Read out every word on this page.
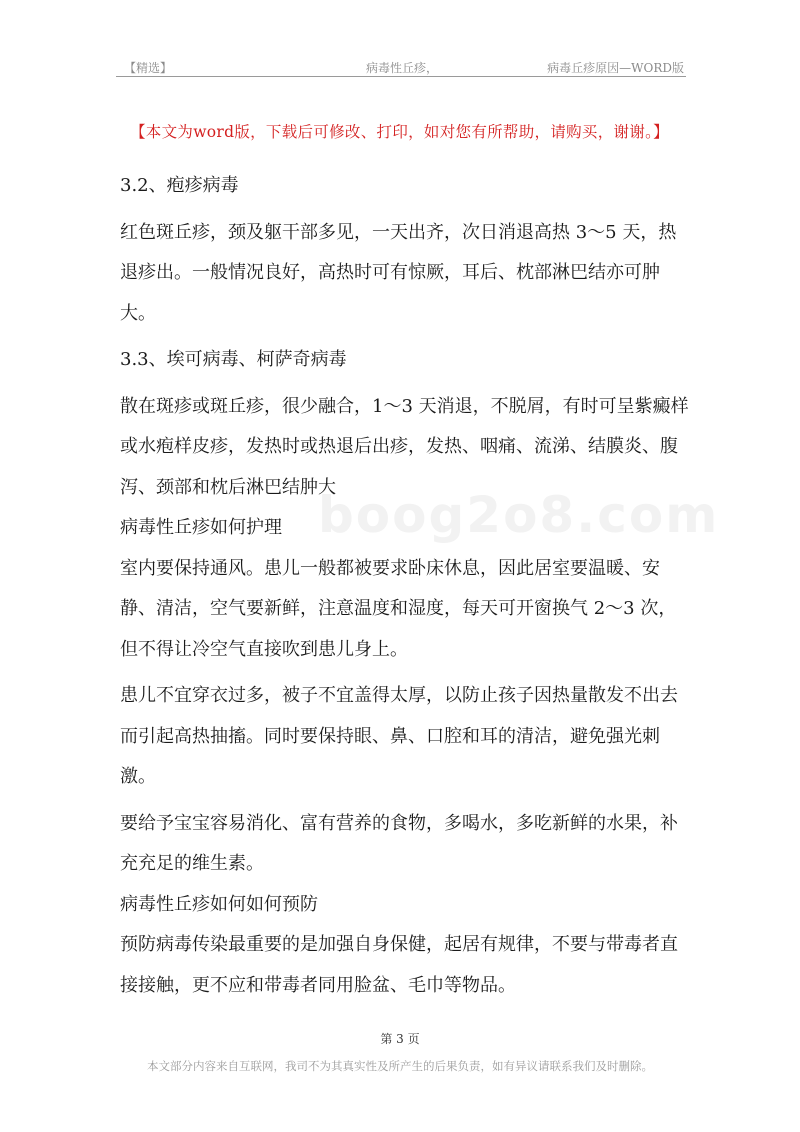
【精选】	病毒性丘疹，	病毒丘疹原因—WORD版
【本文为word版，下载后可修改、打印，如对您有所帮助，请购买，谢谢。】
boog2o8.com

3.2、疱疹病毒

红色斑丘疹，颈及躯干部多见，一天出齐，次日消退高热 3～5 天，热退疹出。一般情况良好，高热时可有惊厥，耳后、枕部淋巴结亦可肿大。

3.3、埃可病毒、柯萨奇病毒

散在斑疹或斑丘疹，很少融合，1～3 天消退，不脱屑，有时可呈紫癜样或水疱样皮疹，发热时或热退后出疹，发热、咽痛、流涕、结膜炎、腹泻、颈部和枕后淋巴结肿大

病毒性丘疹如何护理

室内要保持通风。患儿一般都被要求卧床休息，因此居室要温暖、安静、清洁，空气要新鲜，注意温度和湿度，每天可开窗换气 2～3 次，但不得让冷空气直接吹到患儿身上。

患儿不宜穿衣过多，被子不宜盖得太厚，以防止孩子因热量散发不出去而引起高热抽搐。同时要保持眼、鼻、口腔和耳的清洁，避免强光刺激。

要给予宝宝容易消化、富有营养的食物，多喝水，多吃新鲜的水果，补充充足的维生素。

病毒性丘疹如何如何预防

预防病毒传染最重要的是加强自身保健，起居有规律，不要与带毒者直接接触，更不应和带毒者同用脸盆、毛巾等物品。

第 3 页
本文部分内容来自互联网，我司不为其真实性及所产生的后果负责，如有异议请联系我们及时删除。
